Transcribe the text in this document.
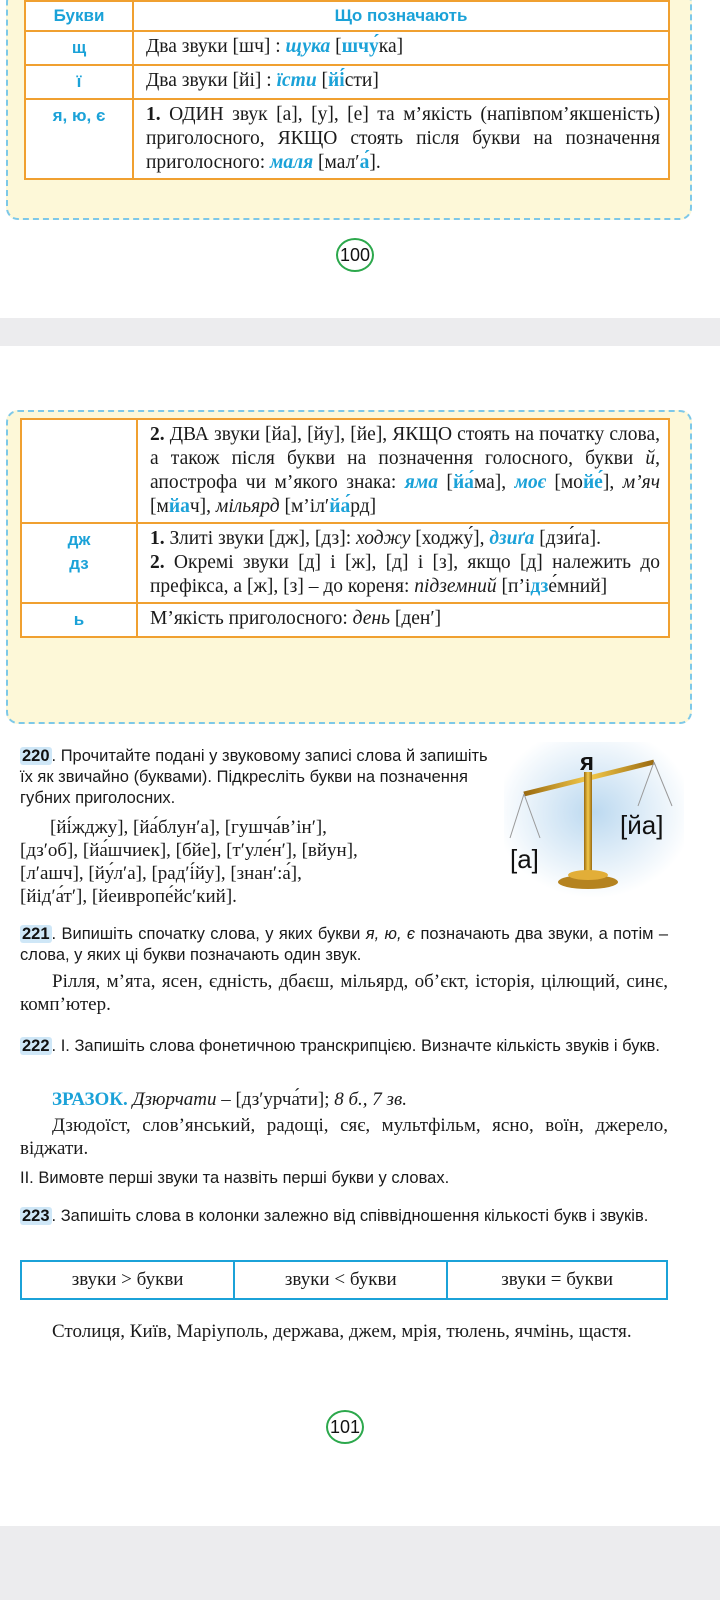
Букви	Що позначають
щ	Два звуки [шч] : щука [шчу́ка]
ї	Два звуки [йі] : їсти [йі́сти]
я, ю, є	1. ОДИН звук [а], [у], [е] та м’якість (напівпом’якшеність) приголосного, ЯКЩО стоять після букви на позначення приголосного: маля [мал′а́].
100
	2. ДВА звуки [йа], [йу], [йе], ЯКЩО стоять на початку слова, а також після букви на позначення голосного, букви й, апострофа чи м’якого знака: яма [йа́ма], моє [мойе́], м’яч [мйач], мільярд [м’іл′йа́рд]
дж
дз	1. Злиті звуки [дж], [дз]: ходжу [ходжу́], дзиґа [дзи́ґа].
2. Окремі звуки [д] і [ж], [д] і [з], якщо [д] належить до префікса, а [ж], [з] – до кореня: підземний [п’ідзе́мний]
ь	М’якість приголосного: день [ден′]
220 . Прочитайте подані у звуковому записі слова й запишіть їх як звичайно (буквами). Підкресліть букви на позначення губних приголосних.
[йі́жджу], [йа́блун′а], [гушча́в’ін′],
[дз′об], [йа́шчиек], [бйе], [т′уле́н′], [вйун],
[л′ашч], [йу́л′а], [рад′і́йу], [знан′:а́],
[йід′а́т′], [йеивропе́йс′кий].
я
[а]
[йа]
221 . Випишіть спочатку слова, у яких букви я, ю, є позначають два звуки, а потім – слова, у яких ці букви позначають один звук.
Рілля, м’ята, ясен, єдність, дбаєш, мільярд, об’єкт, історія, цілющий, синє, комп’ютер.
222 . I. Запишіть слова фонетичною транскрипцією. Визначте кількість звуків і букв.
ЗРАЗОК. Дзюрчати – [дз′урча́ти]; 8 б., 7 зв.
Дзюдоїст, слов’янський, радощі, сяє, мультфільм, ясно, воїн, джерело, віджати.
II. Вимовте перші звуки та назвіть перші букви у словах.
223 . Запишіть слова в колонки залежно від співвідношення кількості букв і звуків.
звуки > букви	звуки < букви	звуки = букви
Столиця, Київ, Маріуполь, держава, джем, мрія, тюлень, ячмінь, щастя.
101
